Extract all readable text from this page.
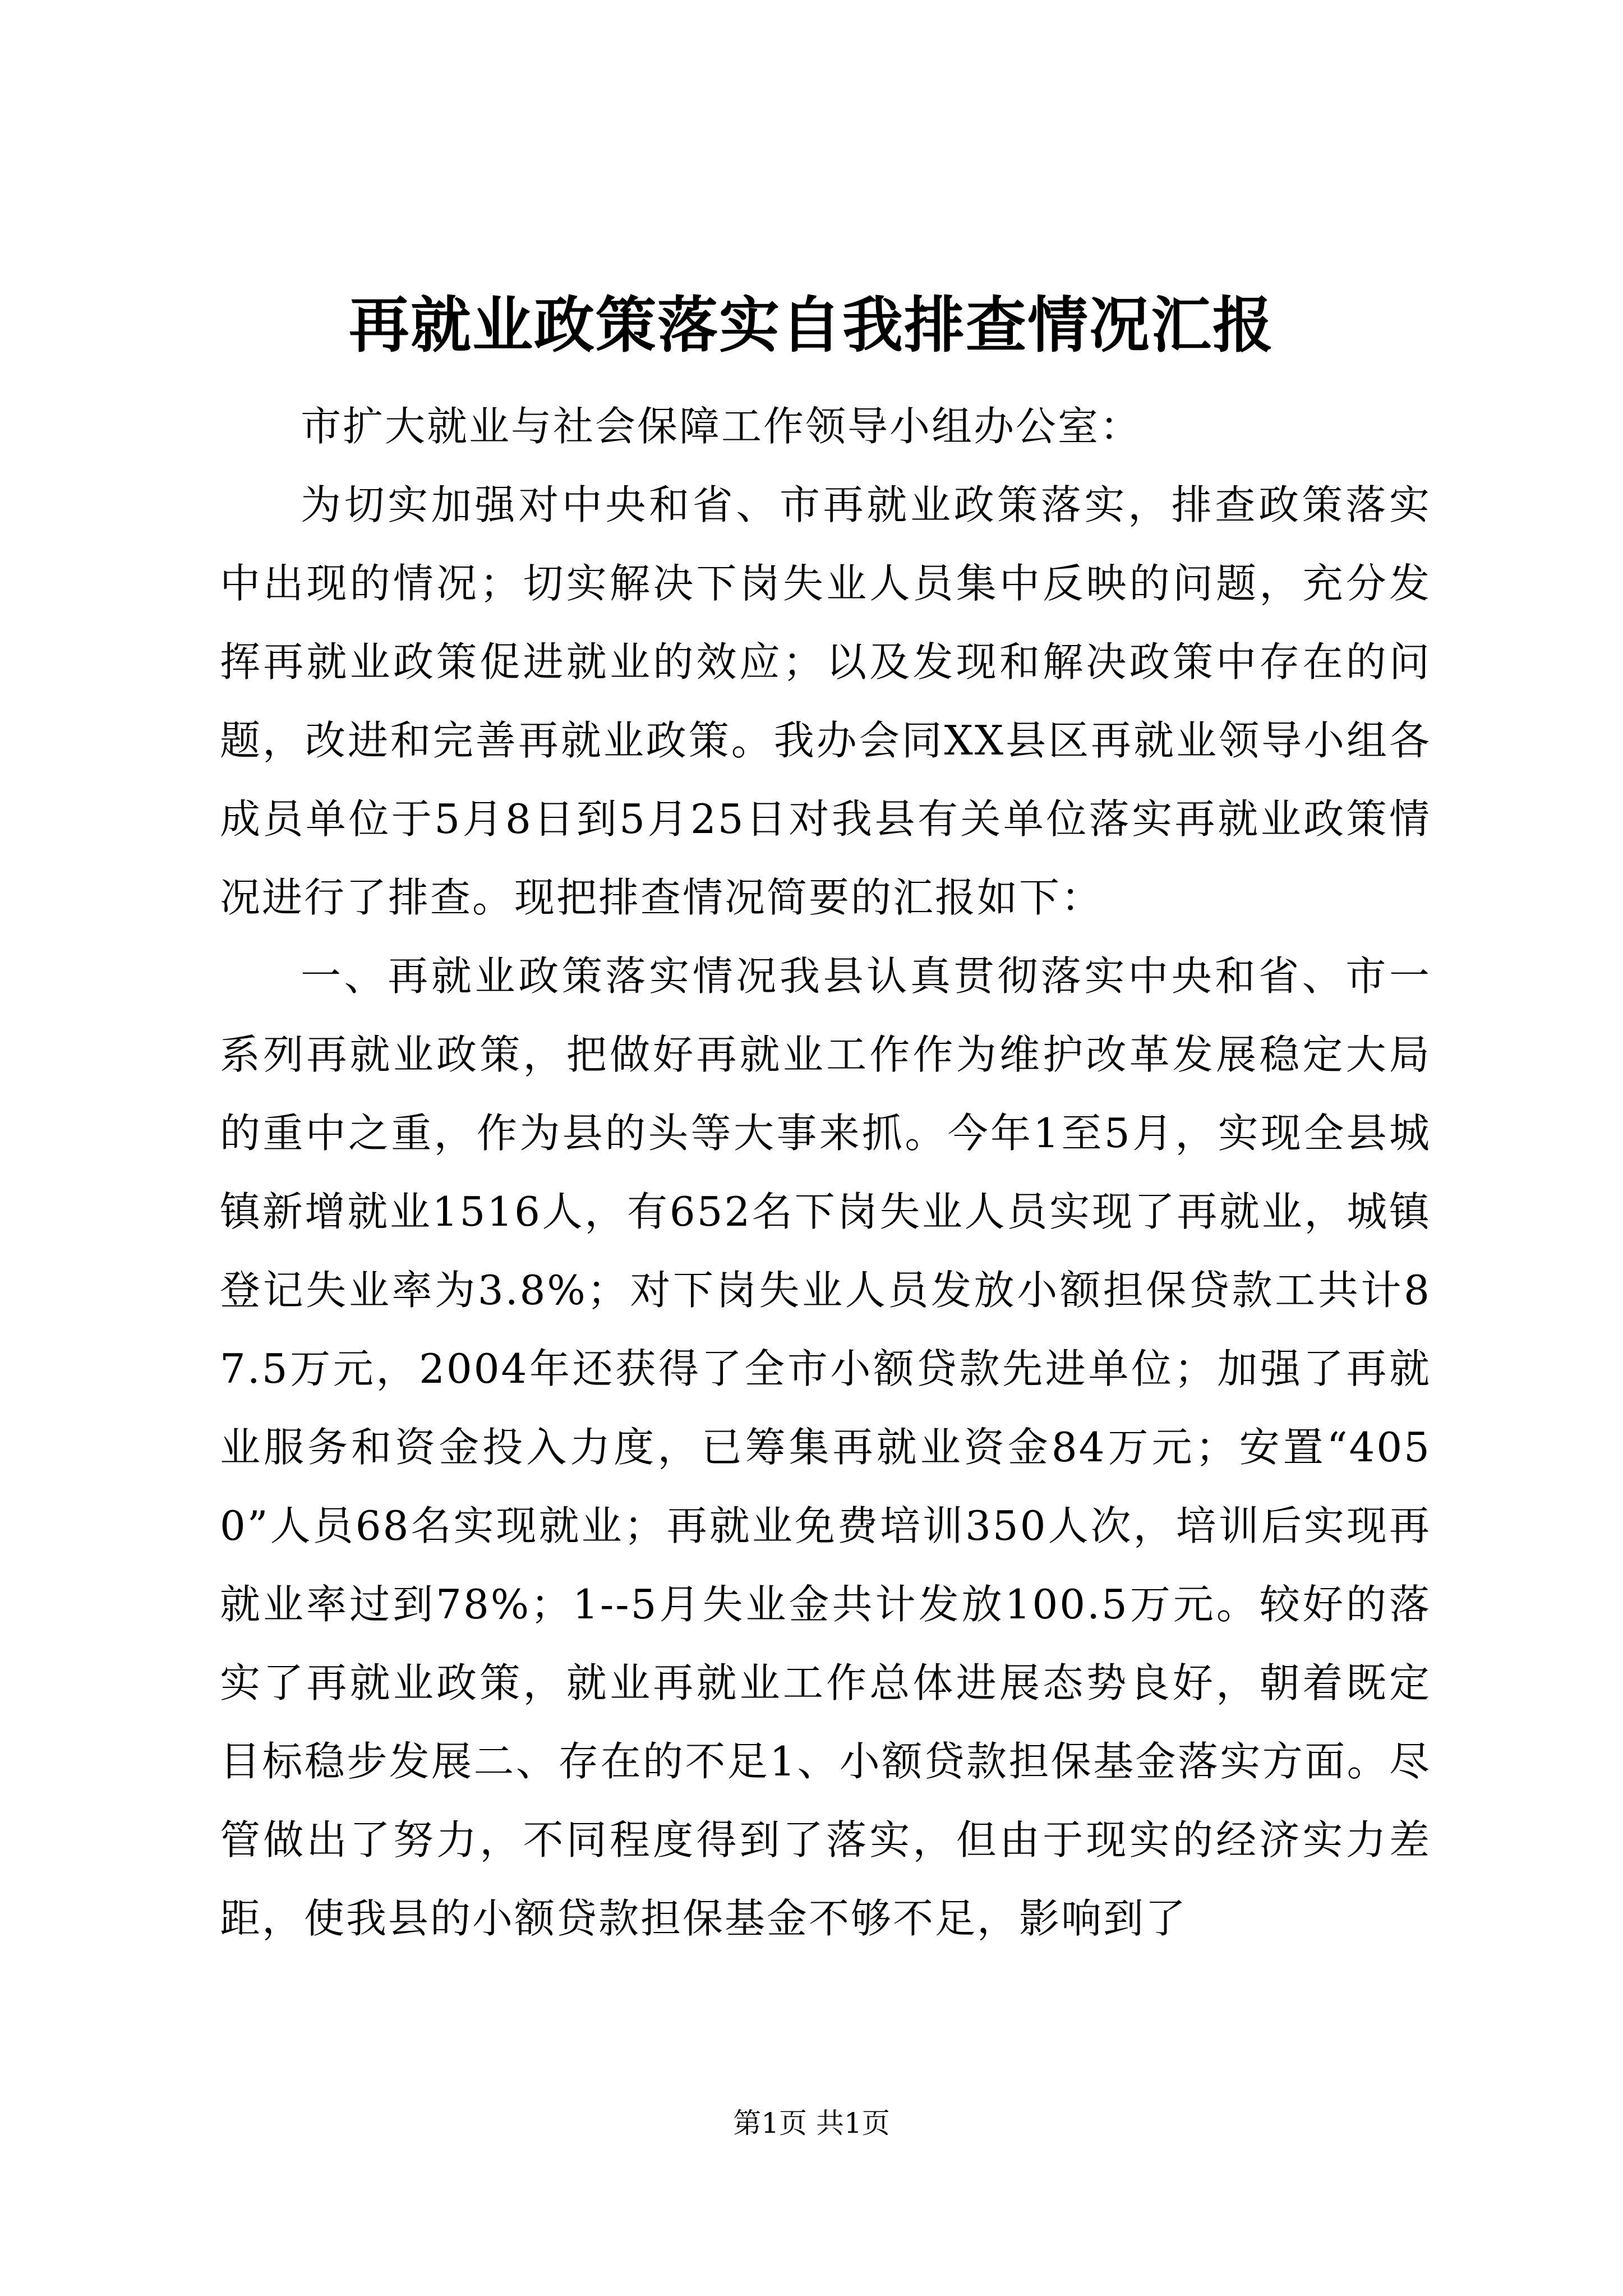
再就业政策落实自我排查情况汇报

市扩大就业与社会保障工作领导小组办公室：

为切实加强对中央和省、市再就业政策落实，排查政策落实中出现的情况；切实解决下岗失业人员集中反映的问题，充分发挥再就业政策促进就业的效应；以及发现和解决政策中存在的问题，改进和完善再就业政策。我办会同XX县区再就业领导小组各成员单位于5月8日到5月25日对我县有关单位落实再就业政策情况进行了排查。现把排查情况简要的汇报如下：

一、再就业政策落实情况我县认真贯彻落实中央和省、市一系列再就业政策，把做好再就业工作作为维护改革发展稳定大局的重中之重，作为县的头等大事来抓。今年1至5月，实现全县城镇新增就业1516人，有652名下岗失业人员实现了再就业，城镇登记失业率为3.8%；对下岗失业人员发放小额担保贷款工共计87.5万元，2004年还获得了全市小额贷款先进单位；加强了再就业服务和资金投入力度，已筹集再就业资金84万元；安置“4050”人员68名实现就业；再就业免费培训350人次，培训后实现再就业率过到78%；1--5月失业金共计发放100.5万元。较好的落实了再就业政策，就业再就业工作总体进展态势良好，朝着既定目标稳步发展二、存在的不足1、小额贷款担保基金落实方面。尽管做出了努力，不同程度得到了落实，但由于现实的经济实力差距，使我县的小额贷款担保基金不够不足，影响到了

第1页 共1页
